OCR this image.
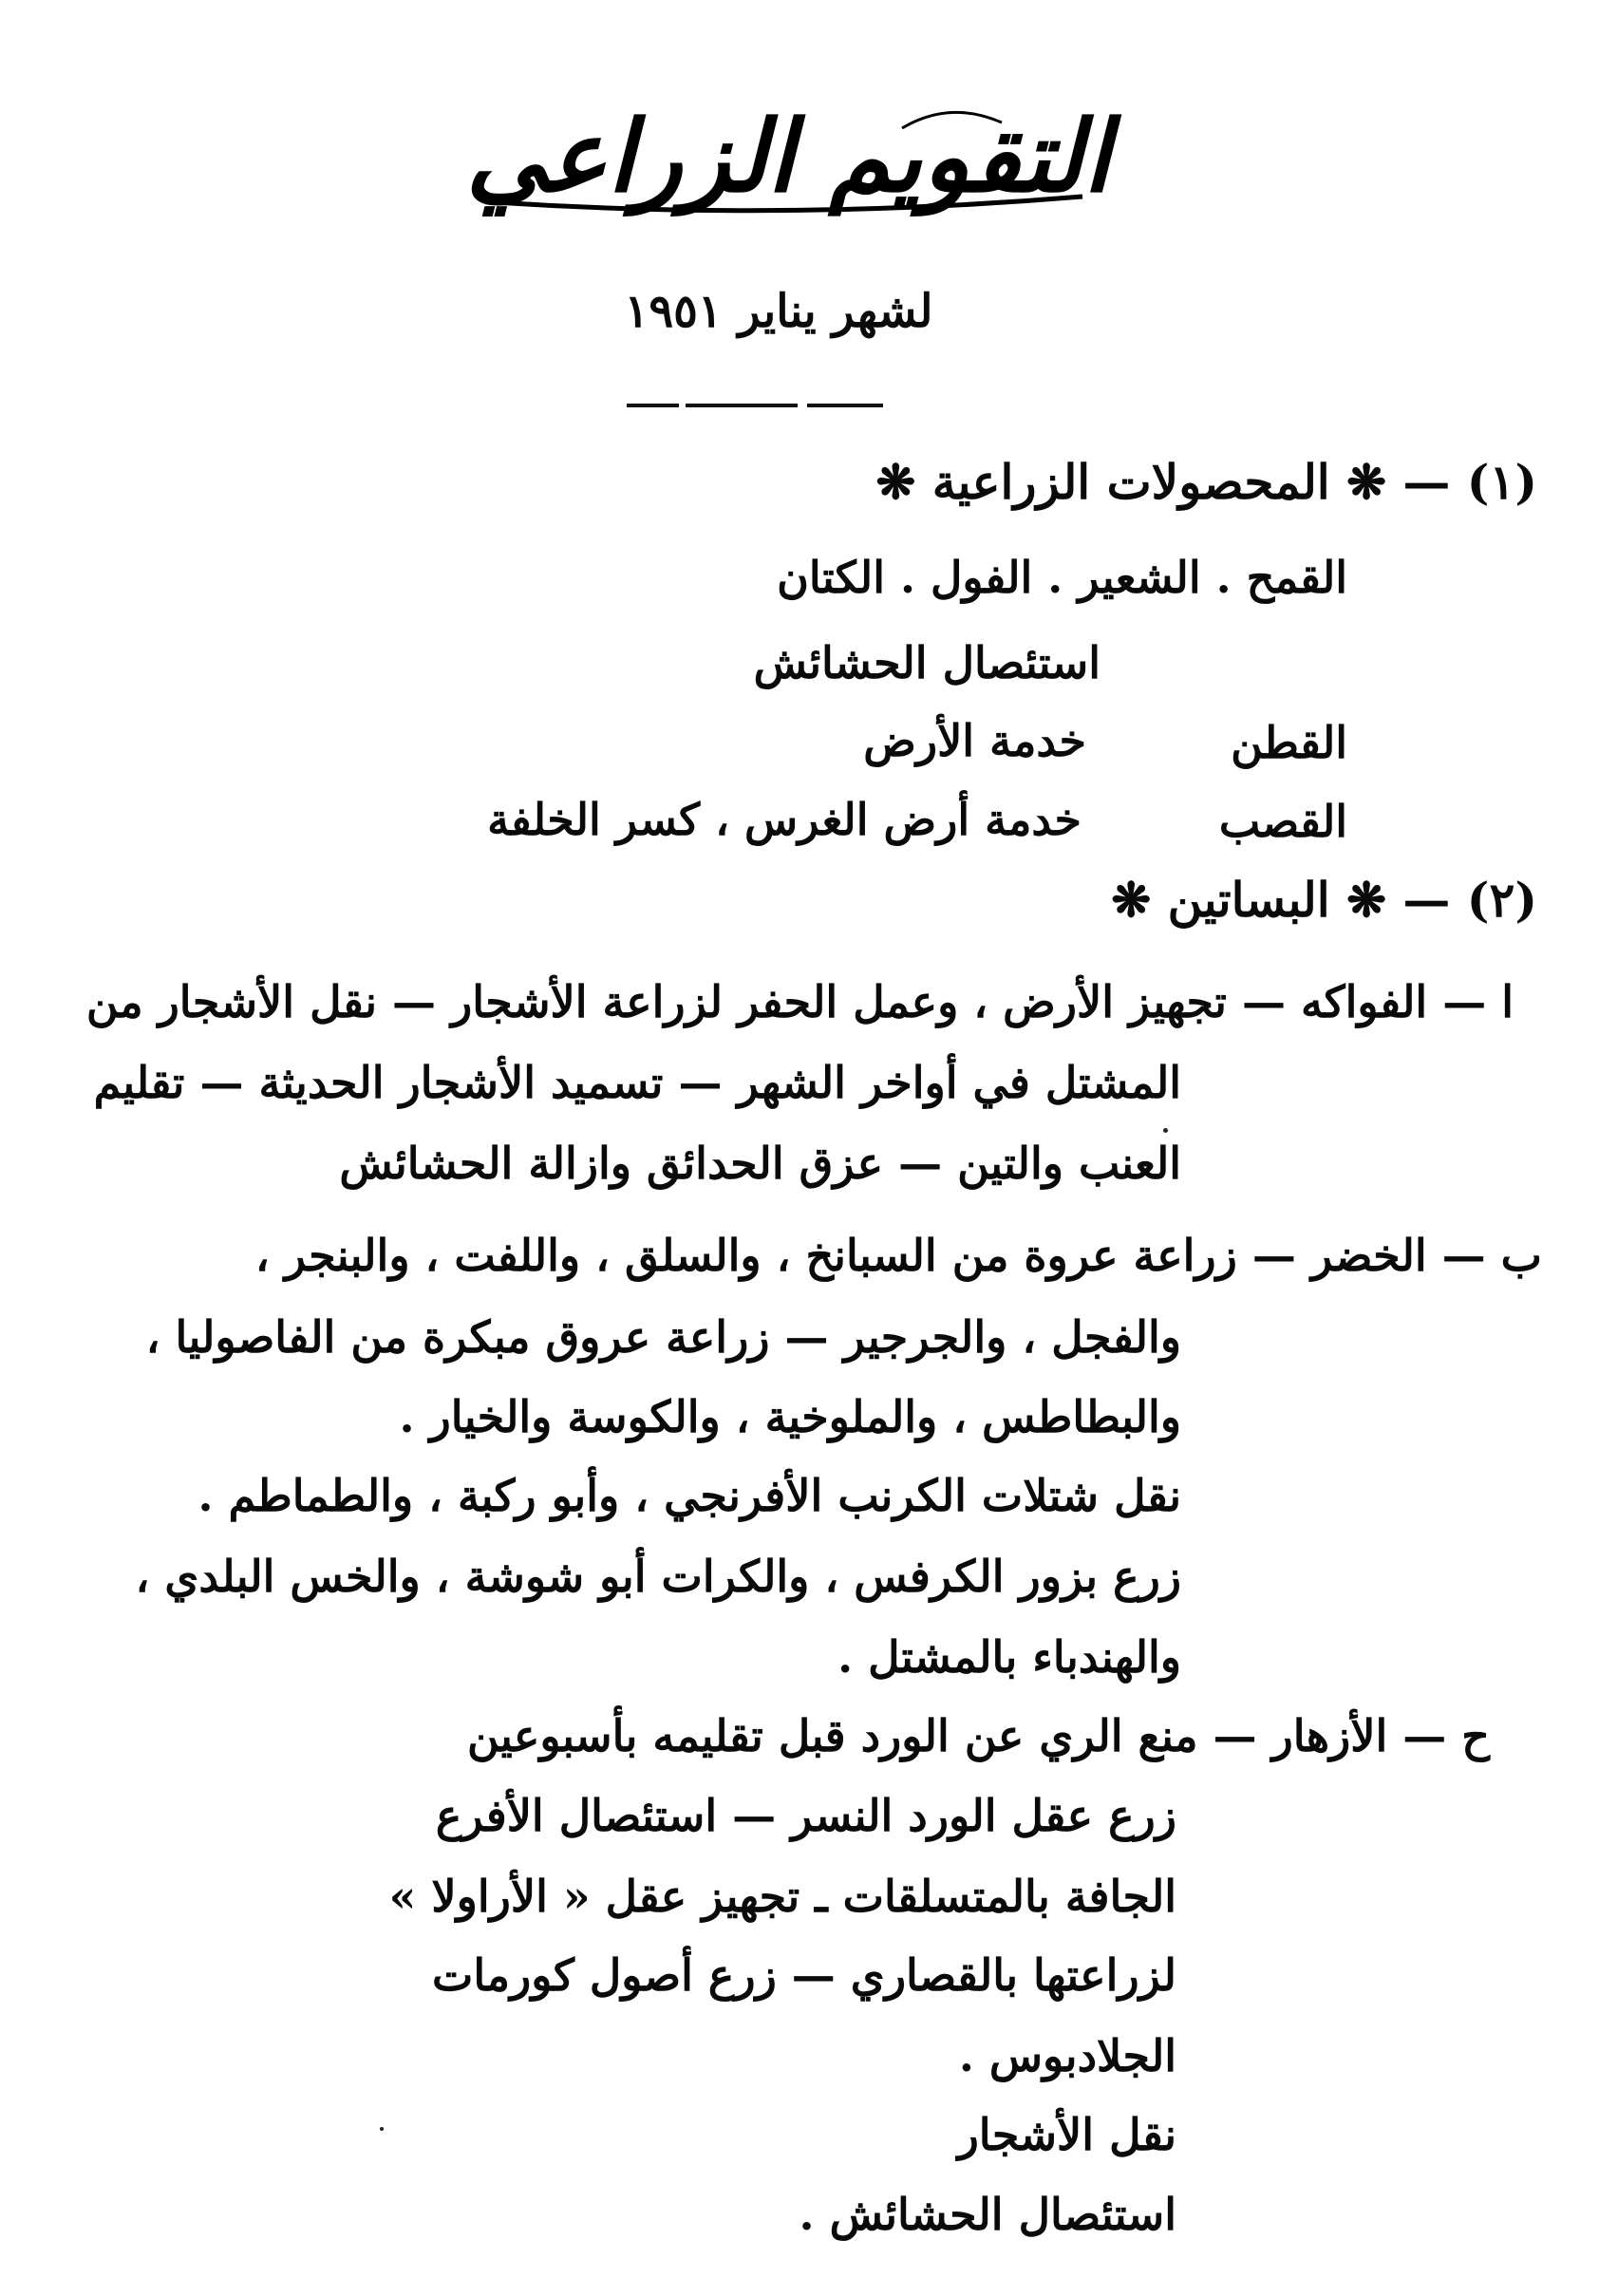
التقويم الزراعي
لشهر يناير ١٩٥١
(١) — ❋ المحصولات الزراعية ❋
القمح . الشعير . الفول . الكتان
استئصال الحشائش
القطن
خدمة الأرض
القصب
خدمة أرض الغرس ، كسر الخلفة
(٢) — ❋ البساتين ❋
ا — الفواكه — تجهيز الأرض ، وعمل الحفر لزراعة الأشجار — نقل الأشجار من
المشتل في أواخر الشهر — تسميد الأشجار الحديثة — تقليم
العنب والتين — عزق الحدائق وازالة الحشائش
ب — الخضر — زراعة عروة من السبانخ ، والسلق ، واللفت ، والبنجر ،
والفجل ، والجرجير — زراعة عروق مبكرة من الفاصوليا ،
والبطاطس ، والملوخية ، والكوسة والخيار .
نقل شتلات الكرنب الأفرنجي ، وأبو ركبة ، والطماطم .
زرع بزور الكرفس ، والكرات أبو شوشة ، والخس البلدي ،
والهندباء بالمشتل .
ح — الأزهار — منع الري عن الورد قبل تقليمه بأسبوعين
زرع عقل الورد النسر — استئصال الأفرع
الجافة بالمتسلقات ـ تجهيز عقل « الأراولا »
لزراعتها بالقصاري — زرع أصول كورمات
الجلادبوس .
نقل الأشجار
استئصال الحشائش .
